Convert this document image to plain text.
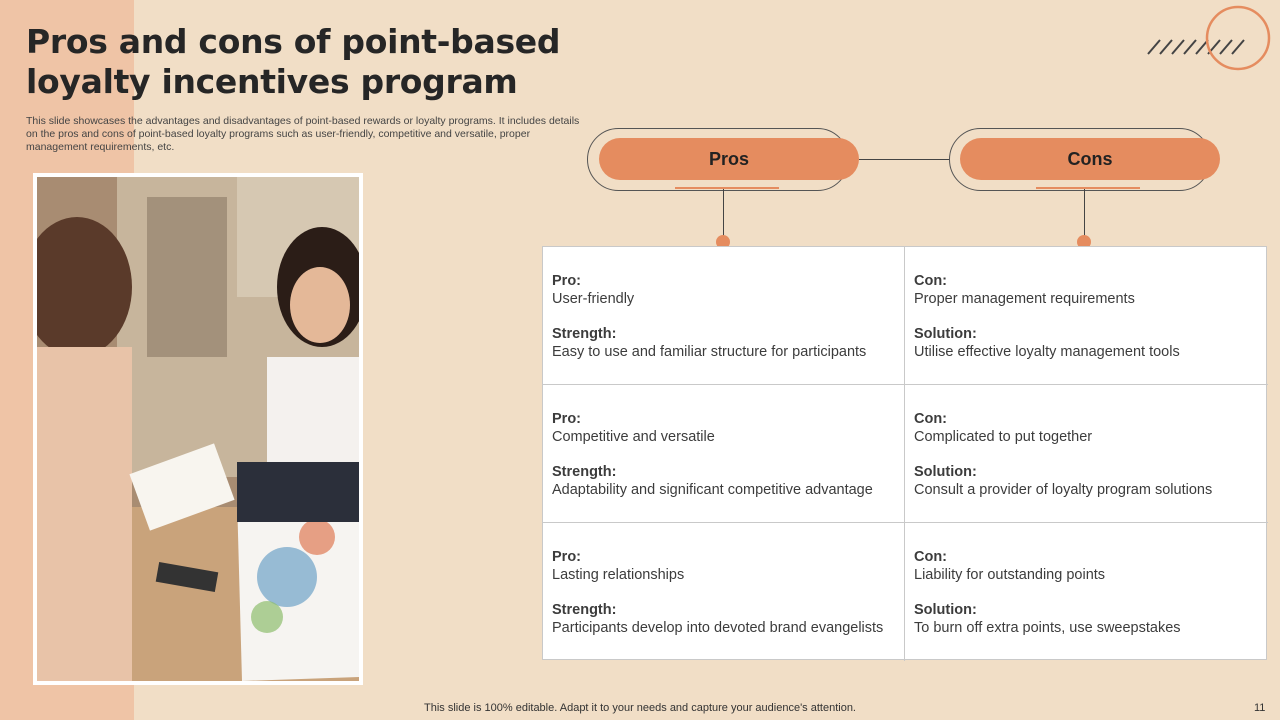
Pros and cons of point-based loyalty incentives program

This slide showcases the advantages and disadvantages of point-based rewards or loyalty programs. It includes details on the pros and cons of point-based loyalty programs such as user-friendly, competitive and versatile, proper management requirements, etc.

Pros	Cons
Pro:
User-friendly
Strength:
Easy to use and familiar structure for participants
Con:
Proper management requirements
Solution:
Utilise effective loyalty management tools
Pro:
Competitive and versatile
Strength:
Adaptability and significant competitive advantage
Con:
Complicated to put together
Solution:
Consult a provider of loyalty program solutions
Pro:
Lasting relationships
Strength:
Participants develop into devoted brand evangelists
Con:
Liability for outstanding points
Solution:
To burn off extra points, use sweepstakes
This slide is 100% editable. Adapt it to your needs and capture your audience's attention.	11
